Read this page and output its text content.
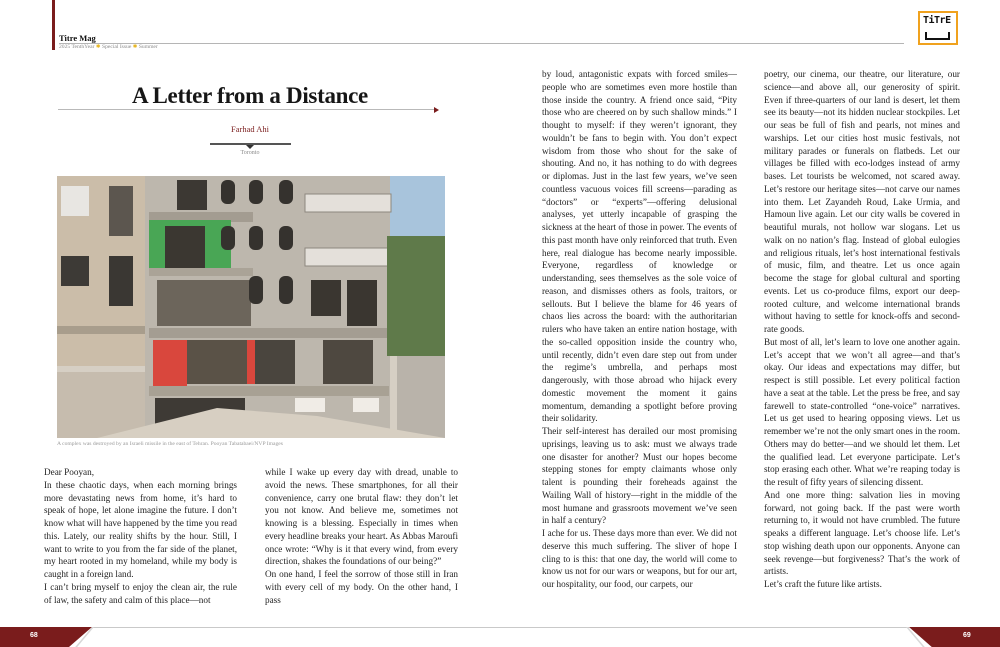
Titre Mag
2025 TenthYear ✱ Special Issue ✱ Summer
TiTrE
A Letter from a Distance
Farhad Ahi
Toronto
A complex was destroyed by an Israeli missile in the east of Tehran. Pooyan Tabatabaei/NVP Images

Dear Pooyan,

In these chaotic days, when each morning brings more devastating news from home, it’s hard to speak of hope, let alone imagine the future. I don’t know what will have happened by the time you read this. Lately, our reality shifts by the hour. Still, I want to write to you from the far side of the planet, my heart rooted in my homeland, while my body is caught in a foreign land.

I can’t bring myself to enjoy the clean air, the rule of law, the safety and calm of this place—not

while I wake up every day with dread, unable to avoid the news. These smartphones, for all their convenience, carry one brutal flaw: they don’t let you not know. And believe me, sometimes not knowing is a blessing. Especially in times when every headline breaks your heart. As Abbas Maroufi once wrote: “Why is it that every wind, from every direction, shakes the foundations of our being?”

On one hand, I feel the sorrow of those still in Iran with every cell of my body. On the other hand, I pass

by loud, antagonistic expats with forced smiles—people who are sometimes even more hostile than those inside the country. A friend once said, “Pity those who are cheered on by such shallow minds.” I thought to myself: if they weren’t ignorant, they wouldn’t be fans to begin with. You don’t expect wisdom from those who shout for the sake of shouting. And no, it has nothing to do with degrees or diplomas. Just in the last few years, we’ve seen countless vacuous voices fill screens—parading as “doctors” or “experts”—offering delusional analyses, yet utterly incapable of grasping the sickness at the heart of those in power. The events of this past month have only reinforced that truth. Even here, real dialogue has become nearly impossible. Everyone, regardless of knowledge or understanding, sees themselves as the sole voice of reason, and dismisses others as fools, traitors, or sellouts. But I believe the blame for 46 years of chaos lies across the board: with the authoritarian rulers who have taken an entire nation hostage, with the so-called opposition inside the country who, until recently, didn’t even dare step out from under the regime’s umbrella, and perhaps most dangerously, with those abroad who hijack every domestic movement the moment it gains momentum, demanding a spotlight before proving their solidarity.

Their self-interest has derailed our most promising uprisings, leaving us to ask: must we always trade one disaster for another? Must our hopes become stepping stones for empty claimants whose only talent is pounding their foreheads against the Wailing Wall of history—right in the middle of the most humane and grassroots movement we’ve seen in half a century?

I ache for us. These days more than ever. We did not deserve this much suffering. The sliver of hope I cling to is this: that one day, the world will come to know us not for our wars or weapons, but for our art, our hospitality, our food, our carpets, our

poetry, our cinema, our theatre, our literature, our science—and above all, our generosity of spirit. Even if three-quarters of our land is desert, let them see its beauty—not its hidden nuclear stockpiles. Let our seas be full of fish and pearls, not mines and warships. Let our cities host music festivals, not military parades or funerals on flatbeds. Let our villages be filled with eco-lodges instead of army bases. Let tourists be welcomed, not scared away. Let’s restore our heritage sites—not carve our names into them. Let Zayandeh Roud, Lake Urmia, and Hamoun live again. Let our city walls be covered in beautiful murals, not hollow war slogans. Let us walk on no nation’s flag. Instead of global eulogies and religious rituals, let’s host international festivals of music, film, and theatre. Let us once again become the stage for global cultural and sporting events. Let us co-produce films, export our deep-rooted culture, and welcome international brands without having to settle for knock-offs and second-rate goods.

But most of all, let’s learn to love one another again. Let’s accept that we won’t all agree—and that’s okay. Our ideas and expectations may differ, but respect is still possible. Let every political faction have a seat at the table. Let the press be free, and say farewell to state-controlled “one-voice” narratives. Let us get used to hearing opposing views. Let us remember we’re not the only smart ones in the room. Others may do better—and we should let them. Let the qualified lead. Let everyone participate. Let’s stop erasing each other. What we’re reaping today is the result of fifty years of silencing dissent.

And one more thing: salvation lies in moving forward, not going back. If the past were worth returning to, it would not have crumbled. The future speaks a different language. Let’s choose life. Let’s stop wishing death upon our opponents. Anyone can seek revenge—but forgiveness? That’s the work of artists.

Let’s craft the future like artists.

68	69
